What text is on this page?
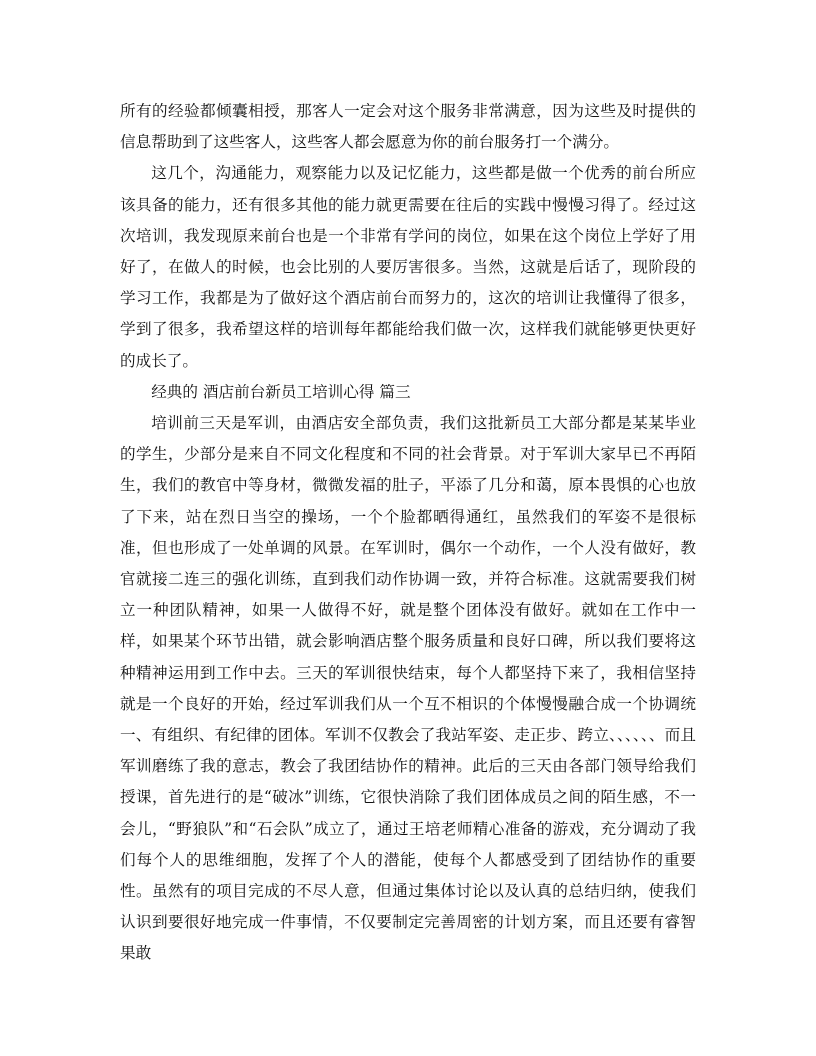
所有的经验都倾囊相授，那客人一定会对这个服务非常满意，因为这些及时提供的信息帮助到了这些客人，这些客人都会愿意为你的前台服务打一个满分。

这几个，沟通能力，观察能力以及记忆能力，这些都是做一个优秀的前台所应该具备的能力，还有很多其他的能力就更需要在往后的实践中慢慢习得了。经过这次培训，我发现原来前台也是一个非常有学问的岗位，如果在这个岗位上学好了用好了，在做人的时候，也会比别的人要厉害很多。当然，这就是后话了，现阶段的学习工作，我都是为了做好这个酒店前台而努力的，这次的培训让我懂得了很多，学到了很多，我希望这样的培训每年都能给我们做一次，这样我们就能够更快更好的成长了。

经典的 酒店前台新员工培训心得 篇三

培训前三天是军训，由酒店安全部负责，我们这批新员工大部分都是某某毕业的学生，少部分是来自不同文化程度和不同的社会背景。对于军训大家早已不再陌生，我们的教官中等身材，微微发福的肚子，平添了几分和蔼，原本畏惧的心也放了下来，站在烈日当空的操场，一个个脸都晒得通红，虽然我们的军姿不是很标准，但也形成了一处单调的风景。在军训时，偶尔一个动作，一个人没有做好，教官就接二连三的强化训练，直到我们动作协调一致，并符合标准。这就需要我们树立一种团队精神，如果一人做得不好，就是整个团体没有做好。就如在工作中一样，如果某个环节出错，就会影响酒店整个服务质量和良好口碑，所以我们要将这种精神运用到工作中去。三天的军训很快结束，每个人都坚持下来了，我相信坚持就是一个良好的开始，经过军训我们从一个互不相识的个体慢慢融合成一个协调统一、有组织、有纪律的团体。军训不仅教会了我站军姿、走正步、跨立、、、、、、而且军训磨练了我的意志，教会了我团结协作的精神。此后的三天由各部门领导给我们授课，首先进行的是“破冰”训练，它很快消除了我们团体成员之间的陌生感，不一会儿，“野狼队”和“石会队”成立了，通过王培老师精心准备的游戏，充分调动了我们每个人的思维细胞，发挥了个人的潜能，使每个人都感受到了团结协作的重要性。虽然有的项目完成的不尽人意，但通过集体讨论以及认真的总结归纳，使我们认识到要很好地完成一件事情，不仅要制定完善周密的计划方案，而且还要有睿智果敢
